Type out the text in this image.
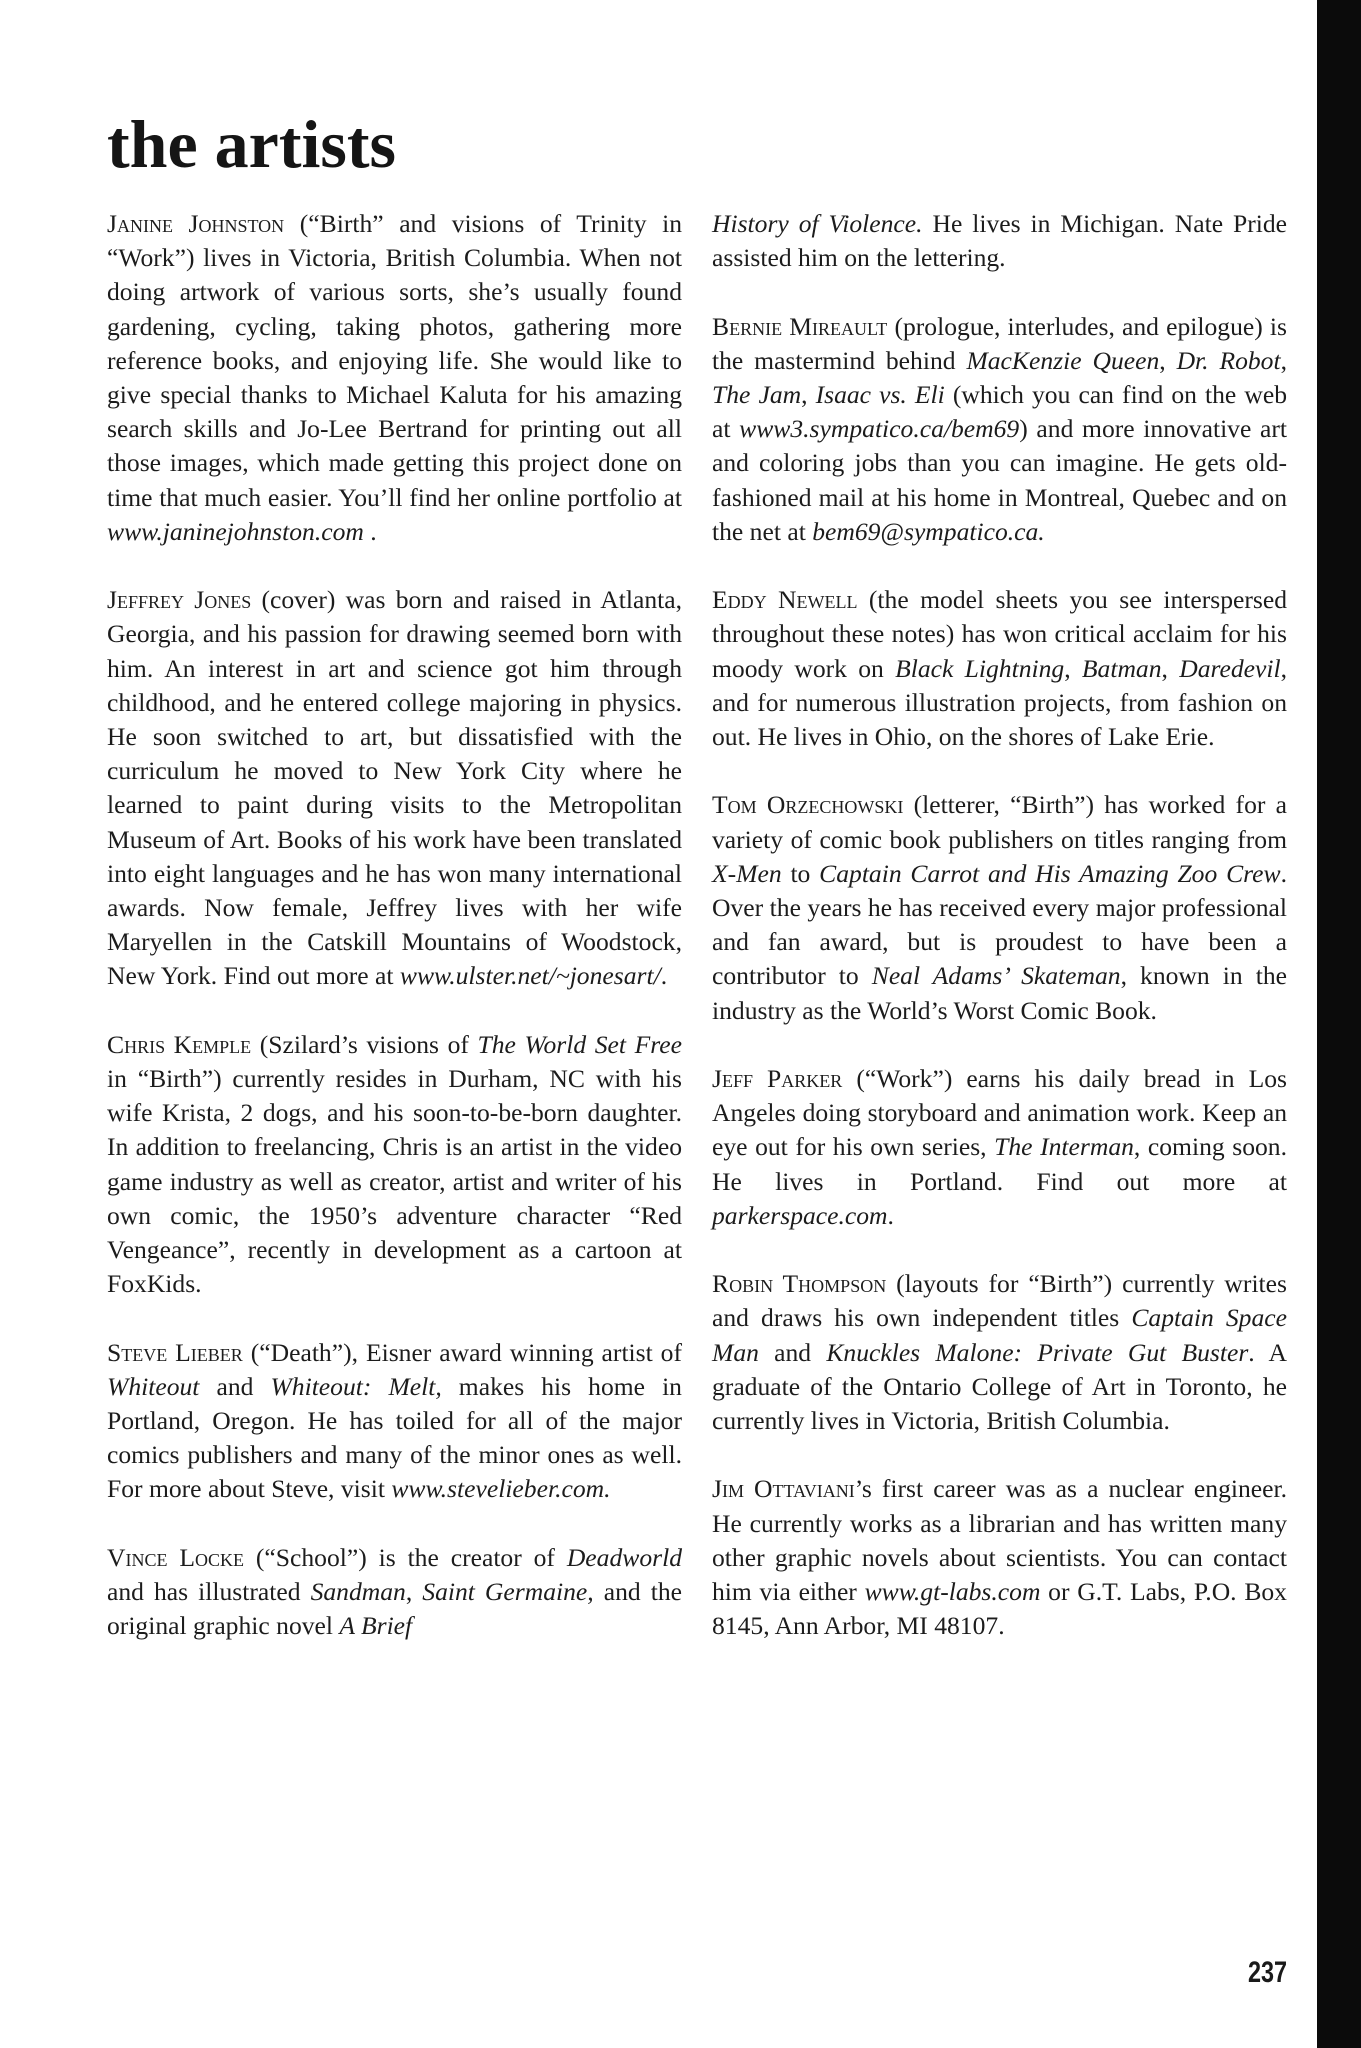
the artists

Janine Johnston (“Birth” and visions of Trinity in “Work”) lives in Victoria, British Columbia. When not doing artwork of various sorts, she’s usually found gardening, cycling, taking photos, gathering more reference books, and enjoying life. She would like to give special thanks to Michael Kaluta for his amazing search skills and Jo-Lee Bertrand for printing out all those images, which made getting this project done on time that much easier. You’ll find her online portfolio at www.janinejohnston.com .

Jeffrey Jones (cover) was born and raised in Atlanta, Georgia, and his passion for drawing seemed born with him. An interest in art and science got him through childhood, and he entered college majoring in physics. He soon switched to art, but dissatisfied with the curriculum he moved to New York City where he learned to paint during visits to the Metropolitan Museum of Art. Books of his work have been translated into eight languages and he has won many international awards. Now female, Jeffrey lives with her wife Maryellen in the Catskill Mountains of Woodstock, New York. Find out more at www.ulster.net/~jonesart/.

Chris Kemple (Szilard’s visions of The World Set Free in “Birth”) currently resides in Durham, NC with his wife Krista, 2 dogs, and his soon-to-be-born daughter. In addition to freelancing, Chris is an artist in the video game industry as well as creator, artist and writer of his own comic, the 1950’s adventure character “Red Vengeance”, recently in development as a cartoon at FoxKids.

Steve Lieber (“Death”), Eisner award winning artist of Whiteout and Whiteout: Melt, makes his home in Portland, Oregon. He has toiled for all of the major comics publishers and many of the minor ones as well. For more about Steve, visit www.stevelieber.com.

Vince Locke (“School”) is the creator of Deadworld and has illustrated Sandman, Saint Germaine, and the original graphic novel A Brief

History of Violence. He lives in Michigan. Nate Pride assisted him on the lettering.

Bernie Mireault (prologue, interludes, and epilogue) is the mastermind behind MacKenzie Queen, Dr. Robot, The Jam, Isaac vs. Eli (which you can find on the web at www3.sympatico.ca/bem69) and more innovative art and coloring jobs than you can imagine. He gets old-fashioned mail at his home in Montreal, Quebec and on the net at bem69@sympatico.ca.

Eddy Newell (the model sheets you see interspersed throughout these notes) has won critical acclaim for his moody work on Black Lightning, Batman, Daredevil, and for numerous illustration projects, from fashion on out. He lives in Ohio, on the shores of Lake Erie.

Tom Orzechowski (letterer, “Birth”) has worked for a variety of comic book publishers on titles ranging from X-Men to Captain Carrot and His Amazing Zoo Crew. Over the years he has received every major professional and fan award, but is proudest to have been a contributor to Neal Adams’ Skateman, known in the industry as the World’s Worst Comic Book.

Jeff Parker (“Work”) earns his daily bread in Los Angeles doing storyboard and animation work. Keep an eye out for his own series, The Interman, coming soon. He lives in Portland. Find out more at parkerspace.com.

Robin Thompson (layouts for “Birth”) currently writes and draws his own independent titles Captain Space Man and Knuckles Malone: Private Gut Buster. A graduate of the Ontario College of Art in Toronto, he currently lives in Victoria, British Columbia.

Jim Ottaviani’s first career was as a nuclear engineer. He currently works as a librarian and has written many other graphic novels about scientists. You can contact him via either www.gt-labs.com or G.T. Labs, P.O. Box 8145, Ann Arbor, MI 48107.

237
